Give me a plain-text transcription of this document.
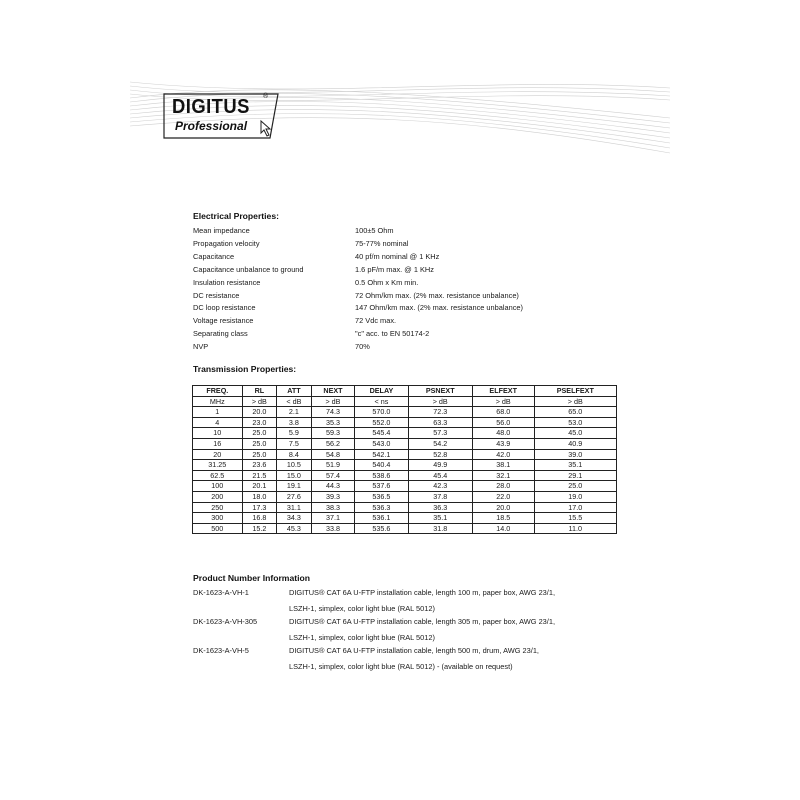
DIGITUS ®
Professional
Electrical Properties:
Mean impedance	100±5 Ohm
Propagation velocity	75-77% nominal
Capacitance	40 pf/m nominal @ 1 KHz
Capacitance unbalance to ground	1.6 pF/m max. @ 1 KHz
Insulation resistance	0.5 Ohm x Km min.
DC resistance	72 Ohm/km max. (2% max. resistance unbalance)
DC loop resistance	147 Ohm/km max. (2% max. resistance unbalance)
Voltage resistance	72 Vdc max.
Separating class	"c" acc. to EN 50174-2
NVP	70%
Transmission Properties:
FREQ.	RL	ATT	NEXT	DELAY	PSNEXT	ELFEXT	PSELFEXT
MHz	> dB	< dB	> dB	< ns	> dB	> dB	> dB
1	20.0	2.1	74.3	570.0	72.3	68.0	65.0
4	23.0	3.8	35.3	552.0	63.3	56.0	53.0
10	25.0	5.9	59.3	545.4	57.3	48.0	45.0
16	25.0	7.5	56.2	543.0	54.2	43.9	40.9
20	25.0	8.4	54.8	542.1	52.8	42.0	39.0
31.25	23.6	10.5	51.9	540.4	49.9	38.1	35.1
62.5	21.5	15.0	57.4	538.6	45.4	32.1	29.1
100	20.1	19.1	44.3	537.6	42.3	28.0	25.0
200	18.0	27.6	39.3	536.5	37.8	22.0	19.0
250	17.3	31.1	38.3	536.3	36.3	20.0	17.0
300	16.8	34.3	37.1	536.1	35.1	18.5	15.5
500	15.2	45.3	33.8	535.6	31.8	14.0	11.0
Product Number Information
DK-1623-A-VH-1	DIGITUS® CAT 6A U-FTP installation cable, length 100 m, paper box, AWG 23/1,
LSZH-1, simplex, color light blue (RAL 5012)
DK-1623-A-VH-305	DIGITUS® CAT 6A U-FTP installation cable, length 305 m, paper box, AWG 23/1,
LSZH-1, simplex, color light blue (RAL 5012)
DK-1623-A-VH-5	DIGITUS® CAT 6A U-FTP installation cable, length 500 m, drum, AWG 23/1,
LSZH-1, simplex, color light blue (RAL 5012) - (available on request)
